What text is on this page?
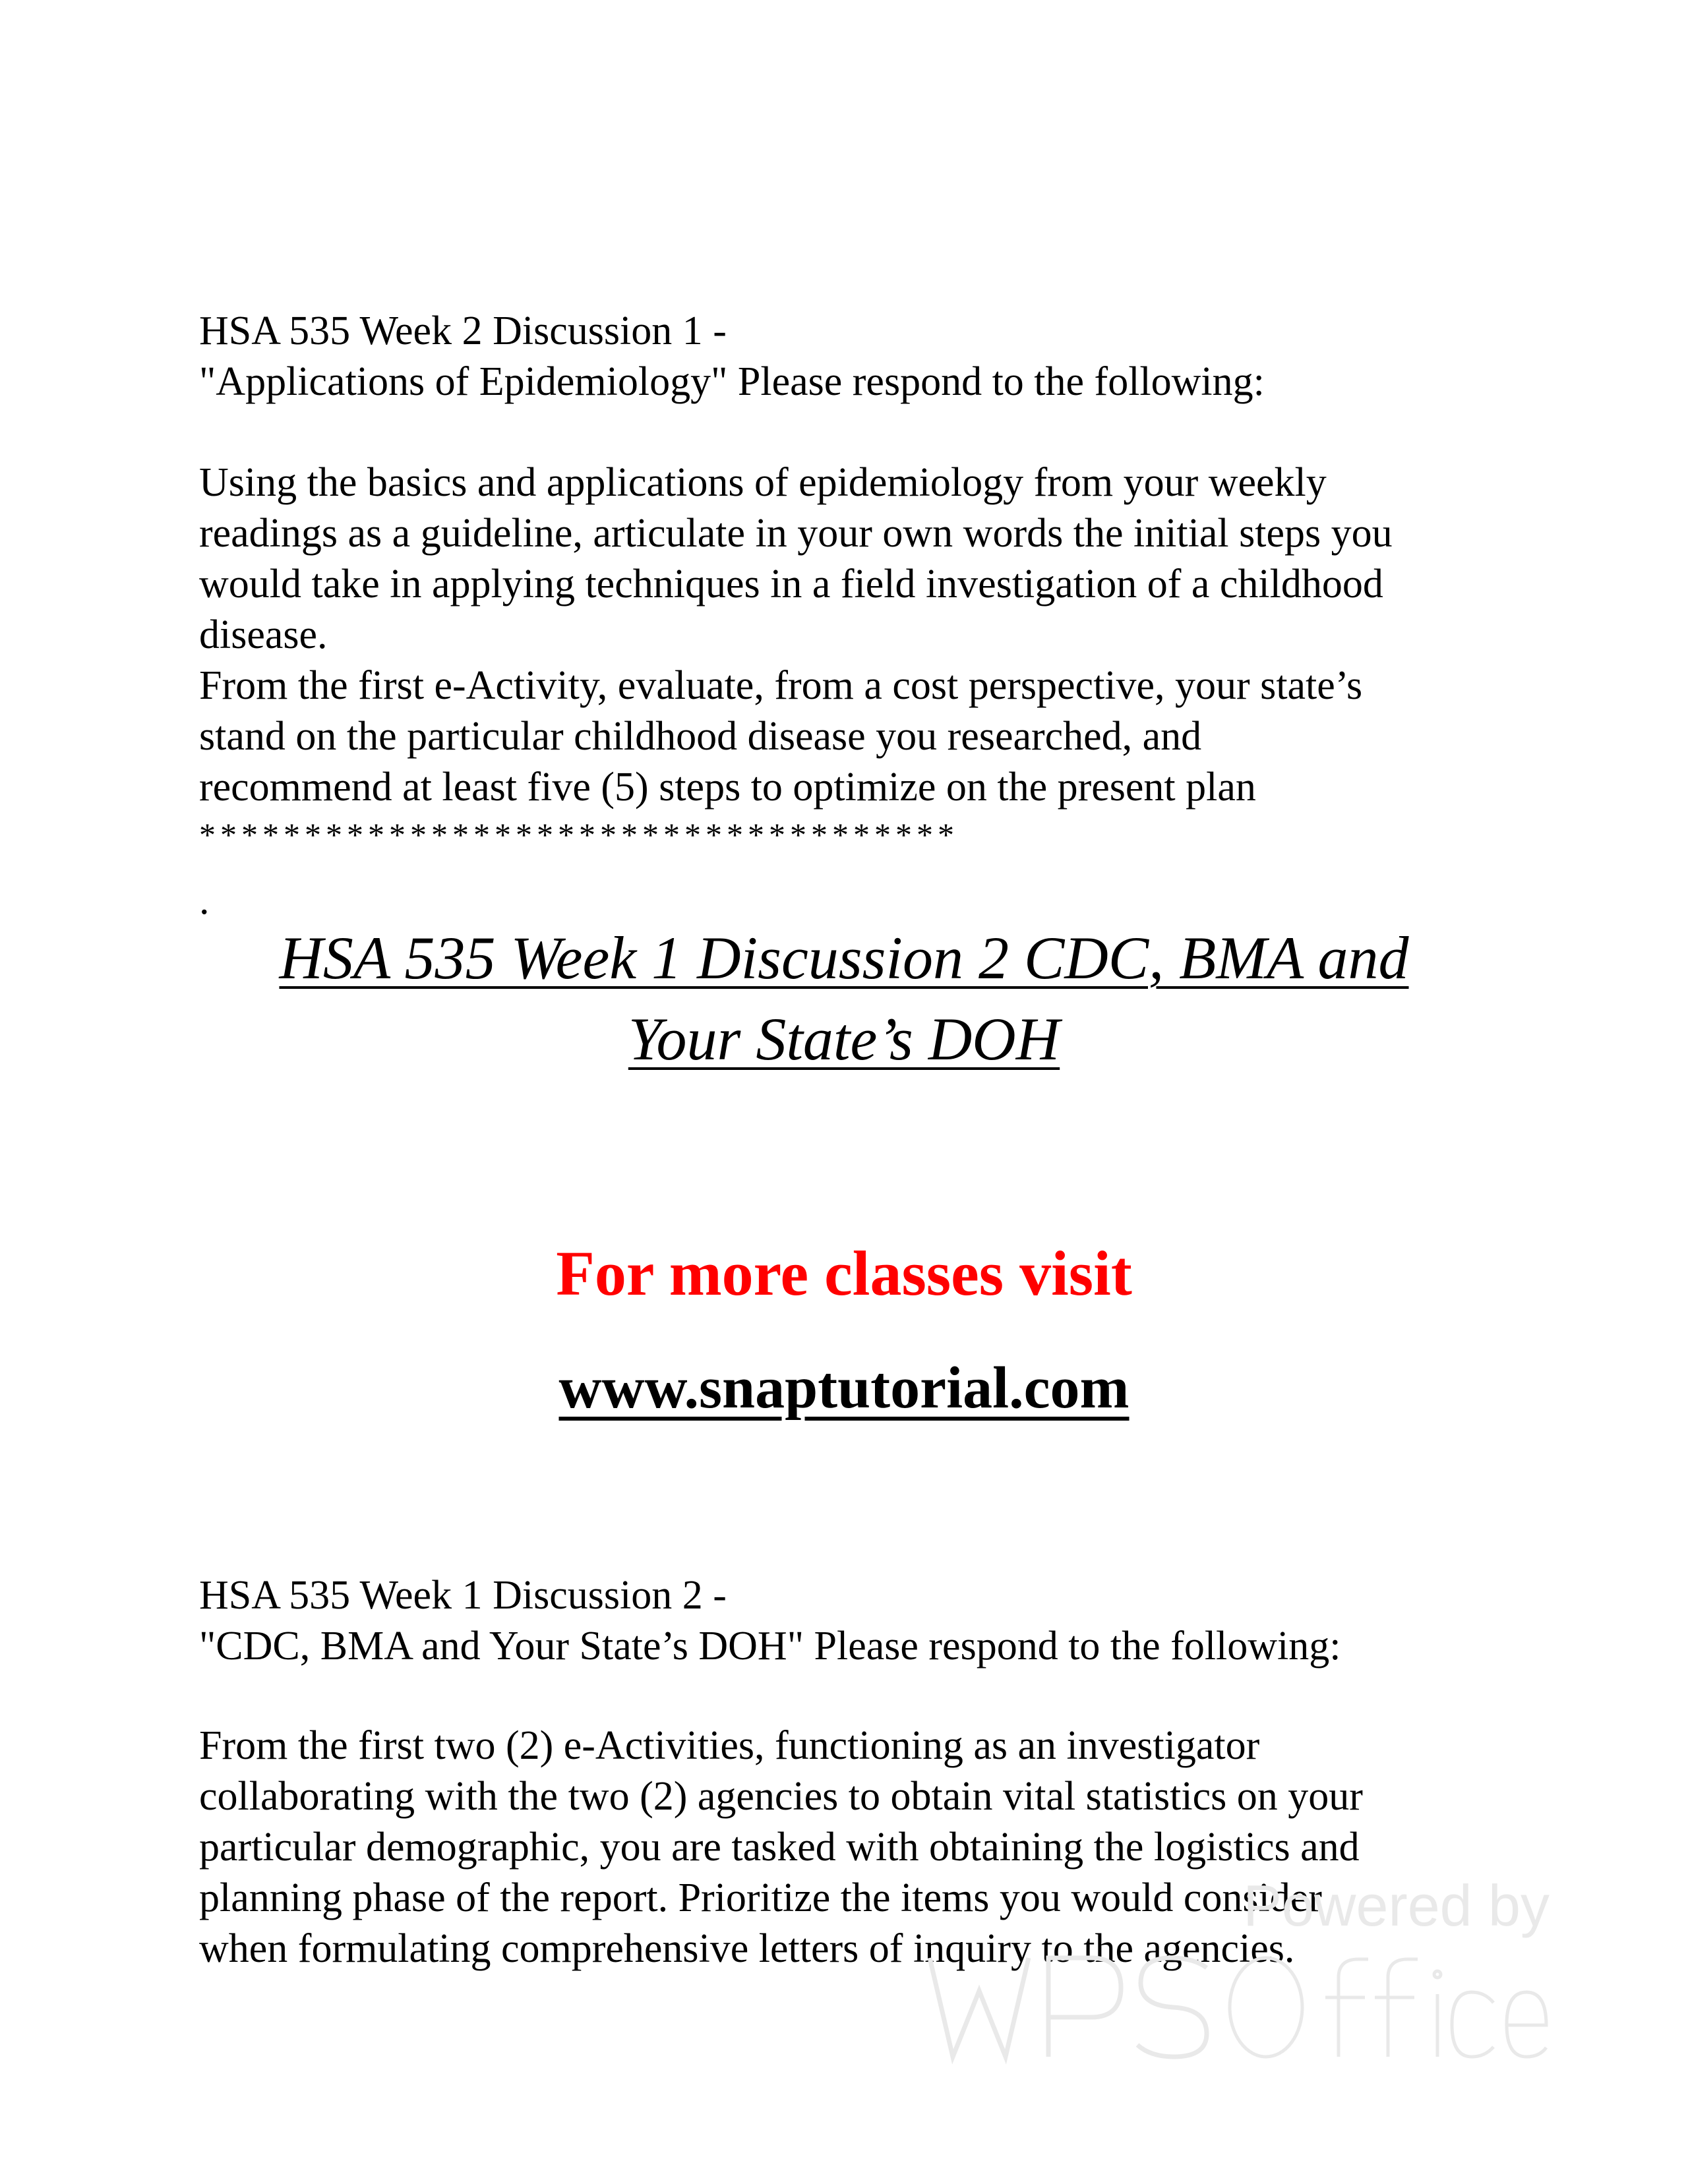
HSA 535 Week 2 Discussion 1 -

"Applications of Epidemiology" Please respond to the following:

Using the basics and applications of epidemiology from your weekly

readings as a guideline, articulate in your own words the initial steps you

would take in applying techniques in a field investigation of a childhood

disease.

From the first e-Activity, evaluate, from a cost perspective, your state’s

stand on the particular childhood disease you researched, and

recommend at least five (5) steps to optimize on the present plan

************************************

.

HSA 535 Week 1 Discussion 2 CDC, BMA and

Your State’s DOH

For more classes visit

www.snaptutorial.com

HSA 535 Week 1 Discussion 2 -

"CDC, BMA and Your State’s DOH" Please respond to the following:

From the first two (2) e-Activities, functioning as an investigator

collaborating with the two (2) agencies to obtain vital statistics on your

particular demographic, you are tasked with obtaining the logistics and

planning phase of the report. Prioritize the items you would consider

when formulating comprehensive letters of inquiry to the agencies.

Powered by
